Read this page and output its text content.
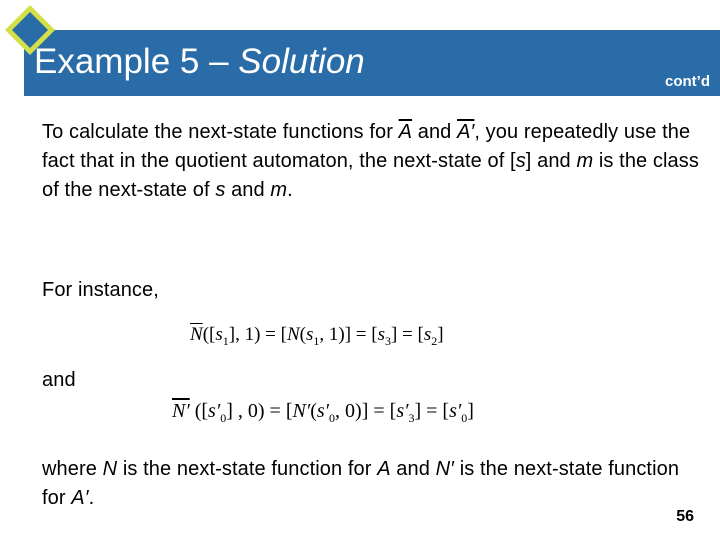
Example 5 – Solution
cont’d
To calculate the next-state functions for $\overline{A}$ and A′, you repeatedly use the fact that in the quotient automaton, the next-state of [s] and m is the class of the next-state of s and m.
For instance,
$\overline{N}([s_1]$, $1) = [N(s_1$, $1)] = [s_3] = [s_2]$
and
N′ ($[s'_0]$ , $0) = [N'(s'_0$, $0)] = [s'_3] = [s'_0]$
where N is the next-state function for A and N′ is the next-state function for A′.
56
